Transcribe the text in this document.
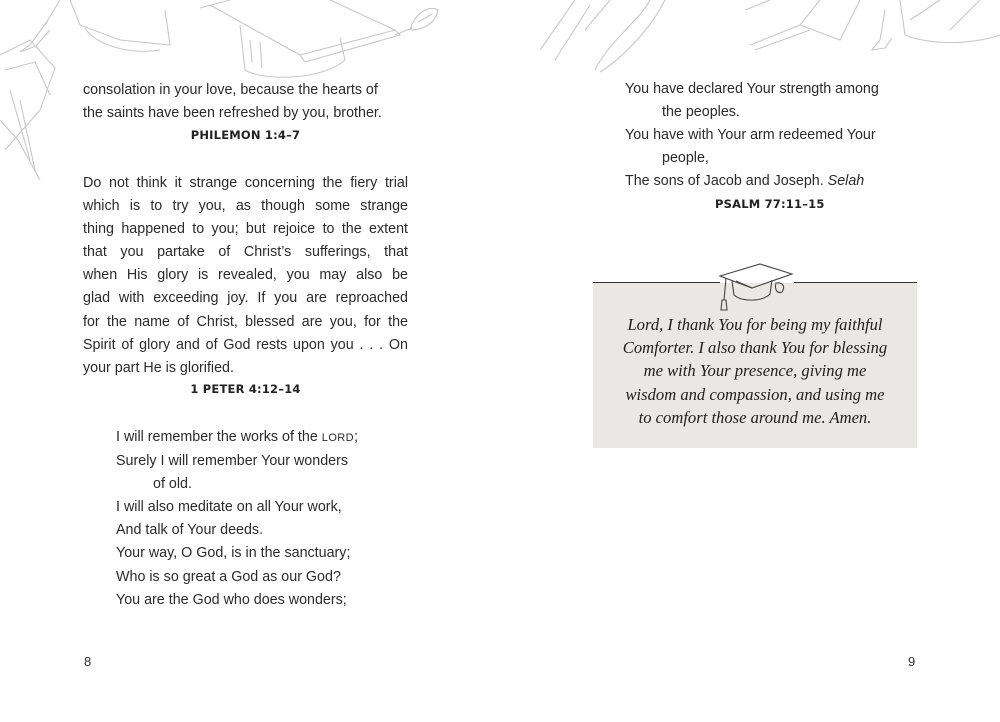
consolation in your love, because the hearts of
the saints have been refreshed by you, brother.
PHILEMON 1:4–7
Do not think it strange concerning the fiery trial
which is to try you, as though some strange
thing happened to you; but rejoice to the extent
that you partake of Christ’s sufferings, that
when His glory is revealed, you may also be
glad with exceeding joy. If you are reproached
for the name of Christ, blessed are you, for the
Spirit of glory and of God rests upon you . . . On
your part He is glorified.
1 PETER 4:12–14
I will remember the works of the LORD;
Surely I will remember Your wonders
of old.
I will also meditate on all Your work,
And talk of Your deeds.
Your way, O God, is in the sanctuary;
Who is so great a God as our God?
You are the God who does wonders;
8
You have declared Your strength among
the peoples.
You have with Your arm redeemed Your
people,
The sons of Jacob and Joseph. Selah
PSALM 77:11–15
9
Lord, I thank You for being my faithful
Comforter. I also thank You for blessing
me with Your presence, giving me
wisdom and compassion, and using me
to comfort those around me. Amen.
